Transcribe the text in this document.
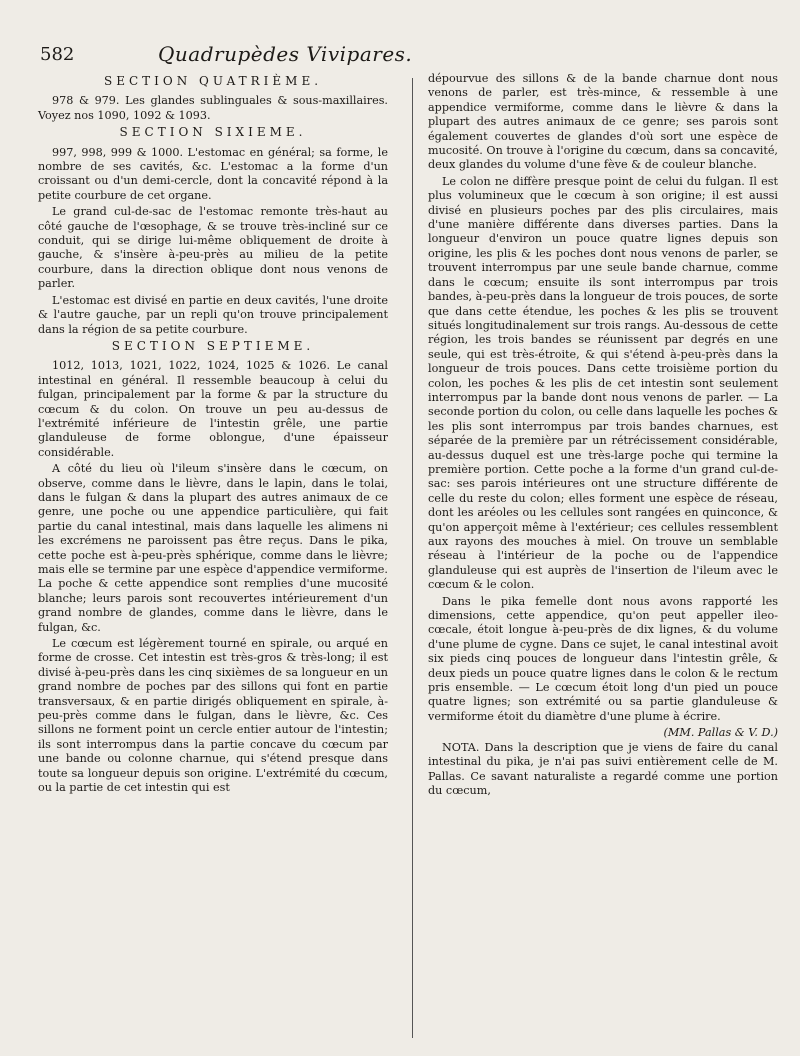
582	Quadrupèdes Vivipares.
SECTION QUATRIÈME.

978 & 979. Les glandes sublinguales & sous-maxillaires. Voyez nos 1090, 1092 & 1093.

SECTION SIXIEME.

997, 998, 999 & 1000. L'estomac en général; sa forme, le nombre de ses cavités, &c. L'estomac a la forme d'un croissant ou d'un demi-cercle, dont la concavité répond à la petite courbure de cet organe.

Le grand cul-de-sac de l'estomac remonte très-haut au côté gauche de l'œsophage, & se trouve très-incliné sur ce conduit, qui se dirige lui-même obliquement de droite à gauche, & s'insère à-peu-près au milieu de la petite courbure, dans la direction oblique dont nous venons de parler.

L'estomac est divisé en partie en deux cavités, l'une droite & l'autre gauche, par un repli qu'on trouve principalement dans la région de sa petite courbure.

SECTION SEPTIEME.

1012, 1013, 1021, 1022, 1024, 1025 & 1026. Le canal intestinal en général. Il ressemble beaucoup à celui du fulgan, principalement par la forme & par la structure du cœcum & du colon. On trouve un peu au-dessus de l'extrémité inférieure de l'intestin grêle, une partie glanduleuse de forme oblongue, d'une épaisseur considérable.

A côté du lieu où l'ileum s'insère dans le cœcum, on observe, comme dans le lièvre, dans le lapin, dans le tolai, dans le fulgan & dans la plupart des autres animaux de ce genre, une poche ou une appendice particulière, qui fait partie du canal intestinal, mais dans laquelle les alimens ni les excrémens ne paroissent pas être reçus. Dans le pika, cette poche est à-peu-près sphérique, comme dans le lièvre; mais elle se termine par une espèce d'appendice vermiforme. La poche & cette appendice sont remplies d'une mucosité blanche; leurs parois sont recouvertes intérieurement d'un grand nombre de glandes, comme dans le lièvre, dans le fulgan, &c.

Le cœcum est légèrement tourné en spirale, ou arqué en forme de crosse. Cet intestin est très-gros & très-long; il est divisé à-peu-près dans les cinq sixièmes de sa longueur en un grand nombre de poches par des sillons qui font en partie transversaux, & en partie dirigés obliquement en spirale, à-peu-près comme dans le fulgan, dans le lièvre, &c. Ces sillons ne forment point un cercle entier autour de l'intestin; ils sont interrompus dans la partie concave du cœcum par une bande ou colonne charnue, qui s'étend presque dans toute sa longueur depuis son origine. L'extrémité du cœcum, ou la partie de cet intestin qui est

dépourvue des sillons & de la bande charnue dont nous venons de parler, est très-mince, & ressemble à une appendice vermiforme, comme dans le lièvre & dans la plupart des autres animaux de ce genre; ses parois sont également couvertes de glandes d'où sort une espèce de mucosité. On trouve à l'origine du cœcum, dans sa concavité, deux glandes du volume d'une fève & de couleur blanche.

Le colon ne diffère presque point de celui du fulgan. Il est plus volumineux que le cœcum à son origine; il est aussi divisé en plusieurs poches par des plis circulaires, mais d'une manière différente dans diverses parties. Dans la longueur d'environ un pouce quatre lignes depuis son origine, les plis & les poches dont nous venons de parler, se trouvent interrompus par une seule bande charnue, comme dans le cœcum; ensuite ils sont interrompus par trois bandes, à-peu-près dans la longueur de trois pouces, de sorte que dans cette étendue, les poches & les plis se trouvent situés longitudinalement sur trois rangs. Au-dessous de cette région, les trois bandes se réunissent par degrés en une seule, qui est très-étroite, & qui s'étend à-peu-près dans la longueur de trois pouces. Dans cette troisième portion du colon, les poches & les plis de cet intestin sont seulement interrompus par la bande dont nous venons de parler. — La seconde portion du colon, ou celle dans laquelle les poches & les plis sont interrompus par trois bandes charnues, est séparée de la première par un rétrécissement considérable, au-dessus duquel est une très-large poche qui termine la première portion. Cette poche a la forme d'un grand cul-de-sac: ses parois intérieures ont une structure différente de celle du reste du colon; elles forment une espèce de réseau, dont les aréoles ou les cellules sont rangées en quinconce, & qu'on apperçoit même à l'extérieur; ces cellules ressemblent aux rayons des mouches à miel. On trouve un semblable réseau à l'intérieur de la poche ou de l'appendice glanduleuse qui est auprès de l'insertion de l'ileum avec le cœcum & le colon.

Dans le pika femelle dont nous avons rapporté les dimensions, cette appendice, qu'on peut appeller ileo-cœcale, étoit longue à-peu-près de dix lignes, & du volume d'une plume de cygne. Dans ce sujet, le canal intestinal avoit six pieds cinq pouces de longueur dans l'intestin grêle, & deux pieds un pouce quatre lignes dans le colon & le rectum pris ensemble. — Le cœcum étoit long d'un pied un pouce quatre lignes; son extrémité ou sa partie glanduleuse & vermiforme étoit du diamètre d'une plume à écrire.

(MM. Pallas & V. D.)

NOTA. Dans la description que je viens de faire du canal intestinal du pika, je n'ai pas suivi entièrement celle de M. Pallas. Ce savant naturaliste a regardé comme une portion du cœcum,
